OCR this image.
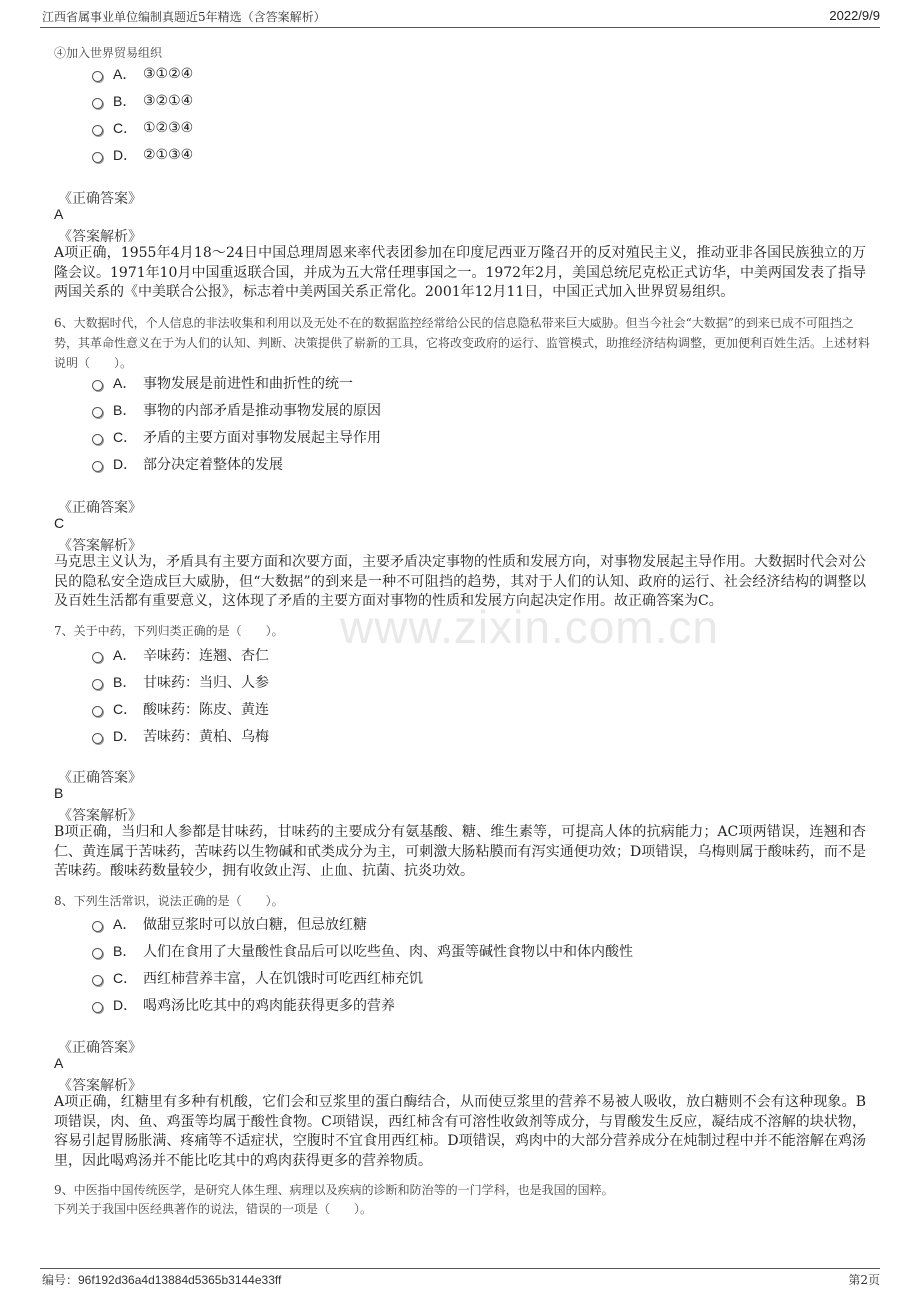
江西省属事业单位编制真题近5年精选（含答案解析）	2022/9/9
www.zixin.com.cn
④加入世界贸易组织
A． ③①②④
B． ③②①④
C． ①②③④
D． ②①③④
《正确答案》
A
《答案解析》
A项正确，1955年4月18～24日中国总理周恩来率代表团参加在印度尼西亚万隆召开的反对殖民主义，推动亚非各国民族独立的万隆会议。1971年10月中国重返联合国，并成为五大常任理事国之一。1972年2月，美国总统尼克松正式访华，中美两国发表了指导两国关系的《中美联合公报》，标志着中美两国关系正常化。2001年12月11日，中国正式加入世界贸易组织。
6、大数据时代，个人信息的非法收集和利用以及无处不在的数据监控经常给公民的信息隐私带来巨大威胁。但当今社会“大数据”的到来已成不可阻挡之势，其革命性意义在于为人们的认知、判断、决策提供了崭新的工具，它将改变政府的运行、监管模式，助推经济结构调整，更加便利百姓生活。上述材料说明（　　）。
A． 事物发展是前进性和曲折性的统一
B． 事物的内部矛盾是推动事物发展的原因
C． 矛盾的主要方面对事物发展起主导作用
D． 部分决定着整体的发展
《正确答案》
C
《答案解析》
马克思主义认为，矛盾具有主要方面和次要方面，主要矛盾决定事物的性质和发展方向，对事物发展起主导作用。大数据时代会对公民的隐私安全造成巨大威胁，但“大数据”的到来是一种不可阻挡的趋势，其对于人们的认知、政府的运行、社会经济结构的调整以及百姓生活都有重要意义，这体现了矛盾的主要方面对事物的性质和发展方向起决定作用。故正确答案为C。
7、关于中药，下列归类正确的是（　　）。
A． 辛味药：连翘、杏仁
B． 甘味药：当归、人参
C． 酸味药：陈皮、黄连
D． 苦味药：黄柏、乌梅
《正确答案》
B
《答案解析》
B项正确，当归和人参都是甘味药，甘味药的主要成分有氨基酸、糖、维生素等，可提高人体的抗病能力；AC项两错误，连翘和杏仁、黄连属于苦味药，苦味药以生物碱和甙类成分为主，可刺激大肠粘膜而有泻实通便功效；D项错误，乌梅则属于酸味药，而不是苦味药。酸味药数量较少，拥有收敛止泻、止血、抗菌、抗炎功效。
8、下列生活常识，说法正确的是（　　）。
A． 做甜豆浆时可以放白糖，但忌放红糖
B． 人们在食用了大量酸性食品后可以吃些鱼、肉、鸡蛋等碱性食物以中和体内酸性
C． 西红柿营养丰富，人在饥饿时可吃西红柿充饥
D． 喝鸡汤比吃其中的鸡肉能获得更多的营养
《正确答案》
A
《答案解析》
A项正确，红糖里有多种有机酸，它们会和豆浆里的蛋白酶结合，从而使豆浆里的营养不易被人吸收，放白糖则不会有这种现象。B项错误，肉、鱼、鸡蛋等均属于酸性食物。C项错误，西红柿含有可溶性收敛剂等成分，与胃酸发生反应，凝结成不溶解的块状物，容易引起胃肠胀满、疼痛等不适症状，空腹时不宜食用西红柿。D项错误，鸡肉中的大部分营养成分在炖制过程中并不能溶解在鸡汤里，因此喝鸡汤并不能比吃其中的鸡肉获得更多的营养物质。
9、中医指中国传统医学，是研究人体生理、病理以及疾病的诊断和防治等的一门学科，也是我国的国粹。
下列关于我国中医经典著作的说法，错误的一项是（　　）。
编号：96f192d36a4d13884d5365b3144e33ff	第2页
